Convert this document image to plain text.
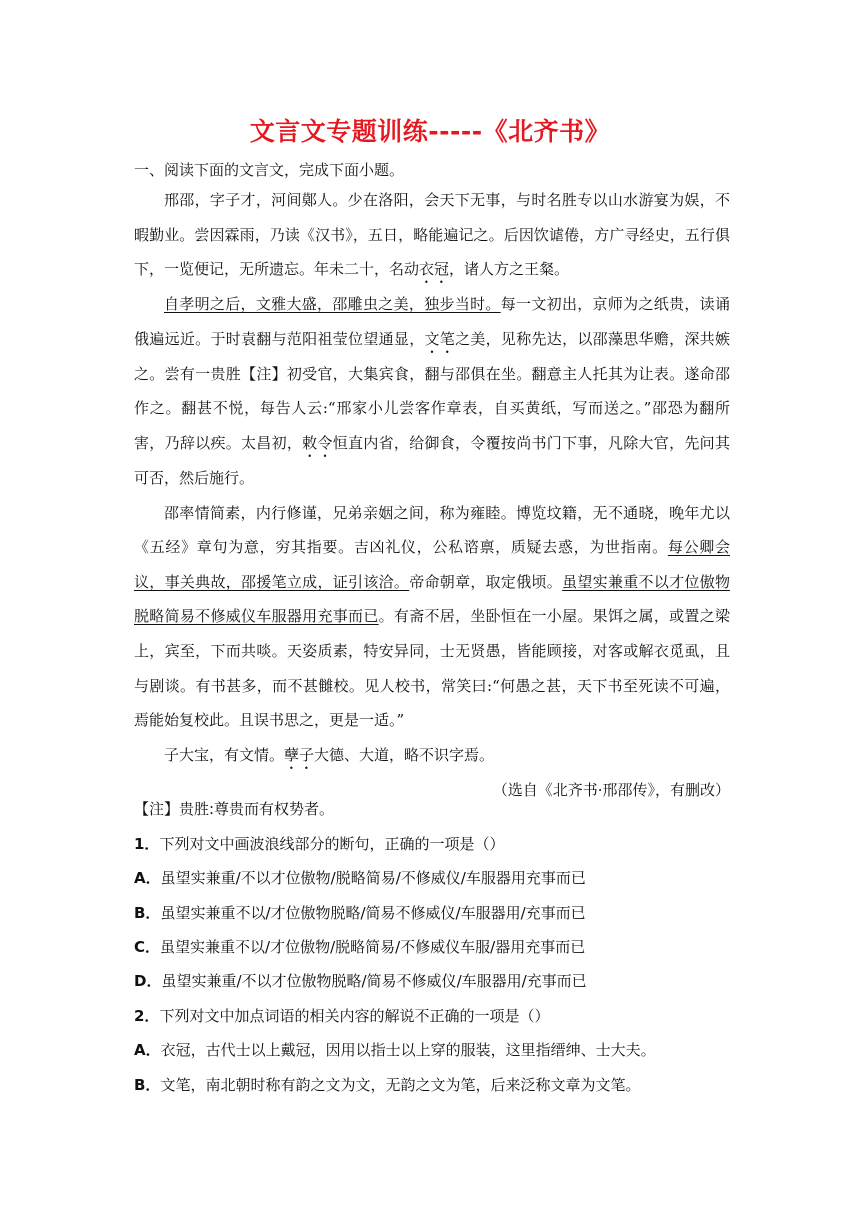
文言文专题训练-----《北齐书》
一、阅读下面的文言文，完成下面小题。

邢邵，字子才，河间鄚人。少在洛阳，会天下无事，与时名胜专以山水游宴为娱，不暇勤业。尝因霖雨，乃读《汉书》，五日，略能遍记之。后因饮谑倦，方广寻经史，五行俱下，一览便记，无所遗忘。年未二十，名动衣冠，诸人方之王粲。

自孝明之后，文雅大盛，邵雕虫之美，独步当时。每一文初出，京师为之纸贵，读诵俄遍远近。于时袁翻与范阳祖莹位望通显，文笔之美，见称先达，以邵藻思华赡，深共嫉之。尝有一贵胜【注】初受官，大集宾食，翻与邵俱在坐。翻意主人托其为让表。遂命邵作之。翻甚不悦，每告人云:“邢家小儿尝客作章表，自买黄纸，写而送之。”邵恐为翻所害，乃辞以疾。太昌初，敕令恒直内省，给御食，令覆按尚书门下事，凡除大官，先问其可否，然后施行。

邵率情简素，内行修谨，兄弟亲姻之间，称为雍睦。博览坟籍，无不通晓，晚年尤以《五经》章句为意，穷其指要。吉凶礼仪，公私谘禀，质疑去惑，为世指南。每公卿会议，事关典故，邵援笔立成，证引该洽。帝命朝章，取定俄顷。虽望实兼重不以才位傲物脱略简易不修威仪车服器用充事而已。有斋不居，坐卧恒在一小屋。果饵之属，或置之梁上，宾至，下而共啖。天姿质素，特安异同，士无贤愚，皆能顾接，对客或解衣觅虱，且与剧谈。有书甚多，而不甚雠校。见人校书，常笑曰:“何愚之甚，天下书至死读不可遍，焉能始复校此。且误书思之，更是一适。”

子大宝，有文情。孽子大德、大道，略不识字焉。

（选自《北齐书·邢邵传》，有删改）

【注】贵胜:尊贵而有权势者。
1．下列对文中画波浪线部分的断句，正确的一项是（）
A．虽望实兼重/不以才位傲物/脱略简易/不修威仪/车服器用充事而已
B．虽望实兼重不以/才位傲物脱略/简易不修威仪/车服器用/充事而已
C．虽望实兼重不以/才位傲物/脱略简易/不修威仪车服/器用充事而已
D．虽望实兼重/不以才位傲物脱略/简易不修威仪/车服器用/充事而已
2．下列对文中加点词语的相关内容的解说不正确的一项是（）
A．衣冠，古代士以上戴冠，因用以指士以上穿的服装，这里指缙绅、士大夫。
B．文笔，南北朝时称有韵之文为文，无韵之文为笔，后来泛称文章为文笔。
